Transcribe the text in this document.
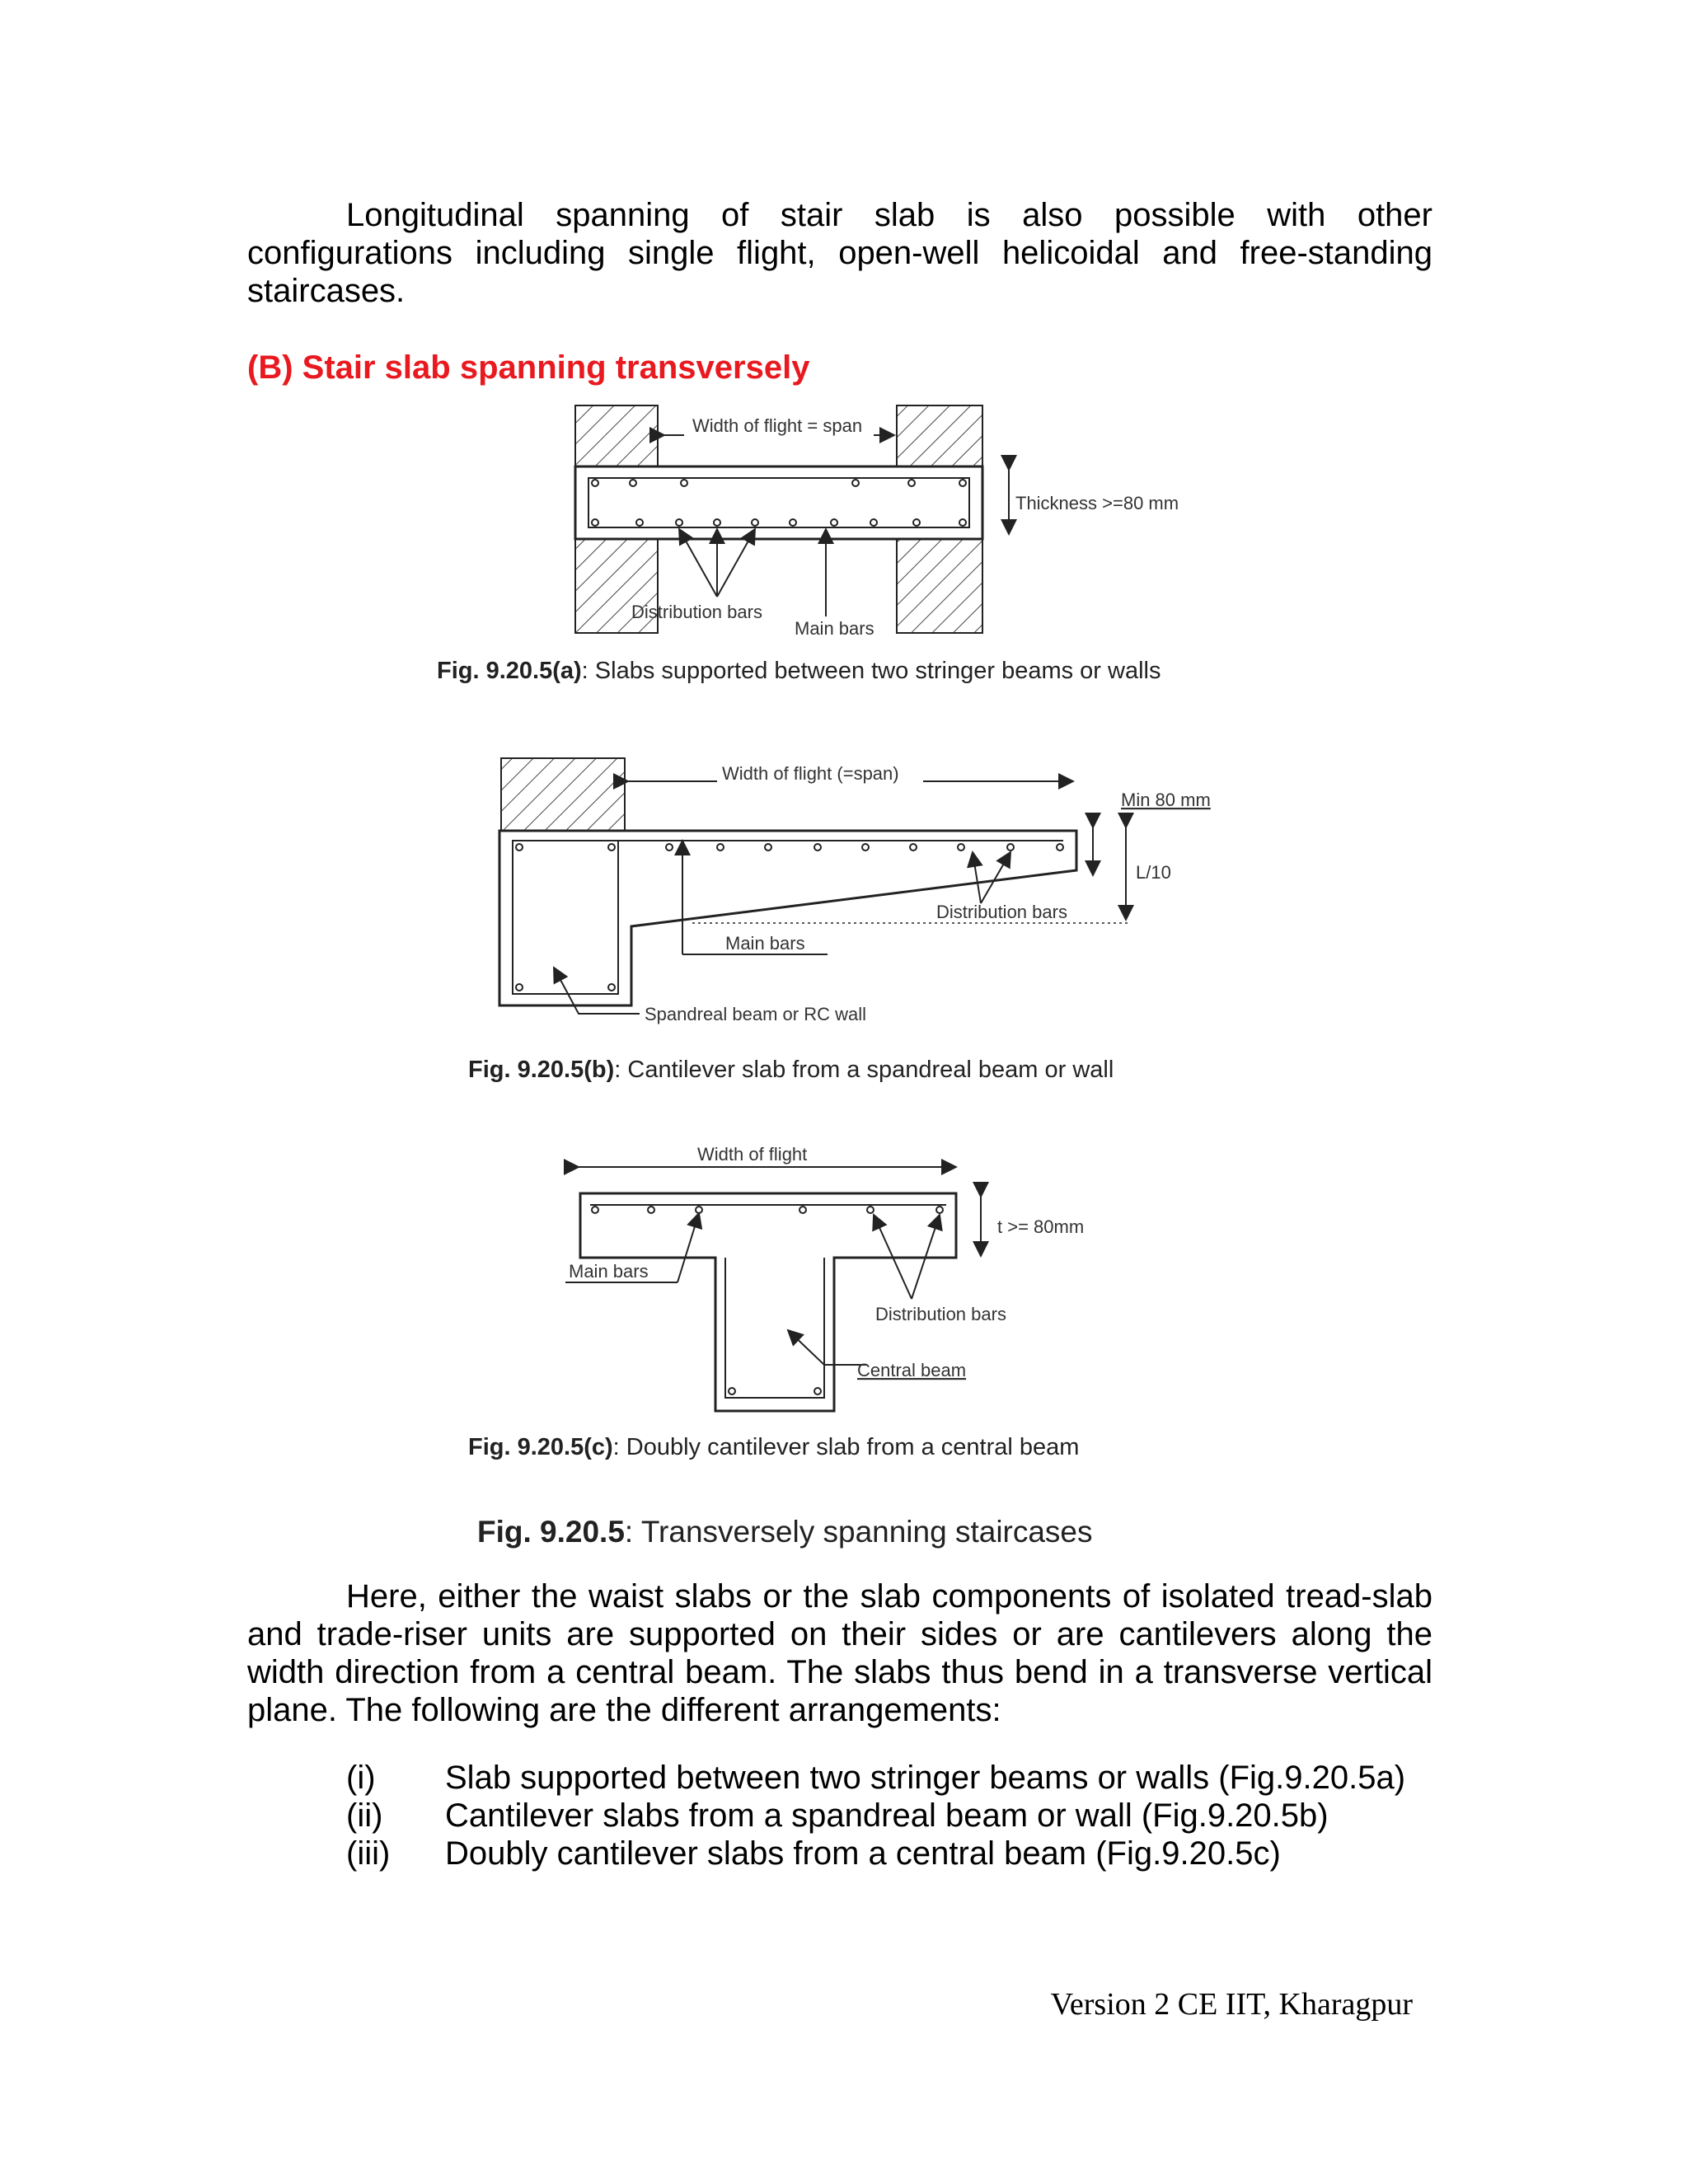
Longitudinal spanning of stair slab is also possible with other configurations including single flight, open-well helicoidal and free-standing staircases.
(B) Stair slab spanning transversely
Width of flight = span
Thickness >=80 mm
Distribution bars
Main bars
Fig. 9.20.5(a): Slabs supported between two stringer beams or walls
Width of flight (=span)
Min 80 mm
L/10
Distribution bars
Main bars
Spandreal beam or RC wall
Fig. 9.20.5(b): Cantilever slab from a spandreal beam or wall
Width of flight
t >= 80mm
Main bars
Distribution bars
Central beam
Fig. 9.20.5(c): Doubly cantilever slab from a central beam
Fig. 9.20.5: Transversely spanning staircases
Here, either the waist slabs or the slab components of isolated tread-slab and trade-riser units are supported on their sides or are cantilevers along the width direction from a central beam. The slabs thus bend in a transverse vertical plane. The following are the different arrangements:
(i)	Slab supported between two stringer beams or walls (Fig.9.20.5a)
(ii)	Cantilever slabs from a spandreal beam or wall (Fig.9.20.5b)
(iii)	Doubly cantilever slabs from a central beam (Fig.9.20.5c)
Version 2 CE IIT, Kharagpur
